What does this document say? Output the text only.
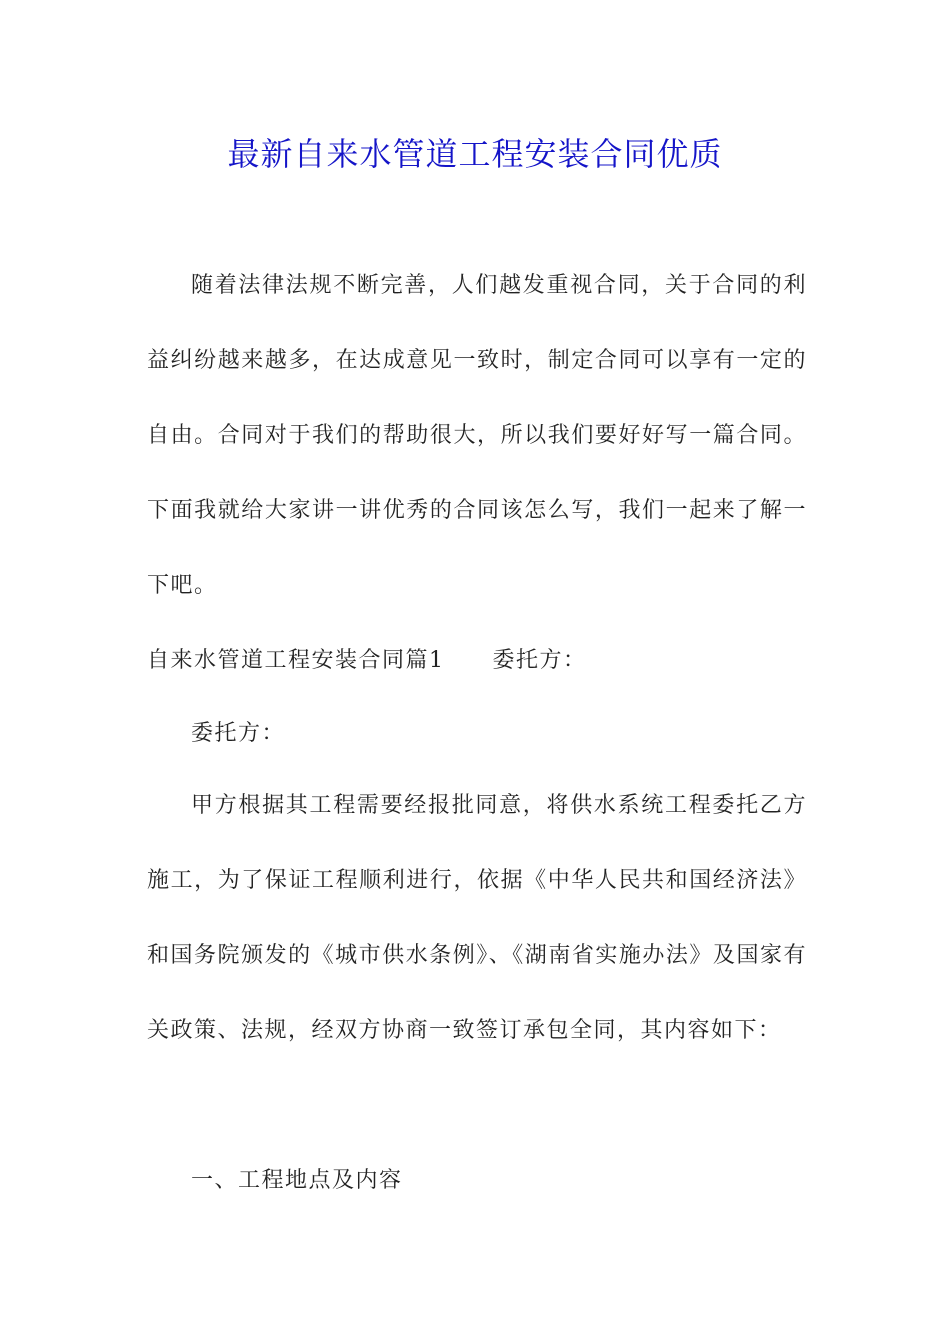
最新自来水管道工程安装合同优质

随着法律法规不断完善，人们越发重视合同，关于合同的利益纠纷越来越多，在达成意见一致时，制定合同可以享有一定的自由。合同对于我们的帮助很大，所以我们要好好写一篇合同。下面我就给大家讲一讲优秀的合同该怎么写，我们一起来了解一下吧。

自来水管道工程安装合同篇1 委托方：

委托方：

甲方根据其工程需要经报批同意，将供水系统工程委托乙方施工，为了保证工程顺利进行，依据《中华人民共和国经济法》和国务院颁发的《城市供水条例》、《湖南省实施办法》及国家有关政策、法规，经双方协商一致签订承包全同，其内容如下：

一、工程地点及内容
